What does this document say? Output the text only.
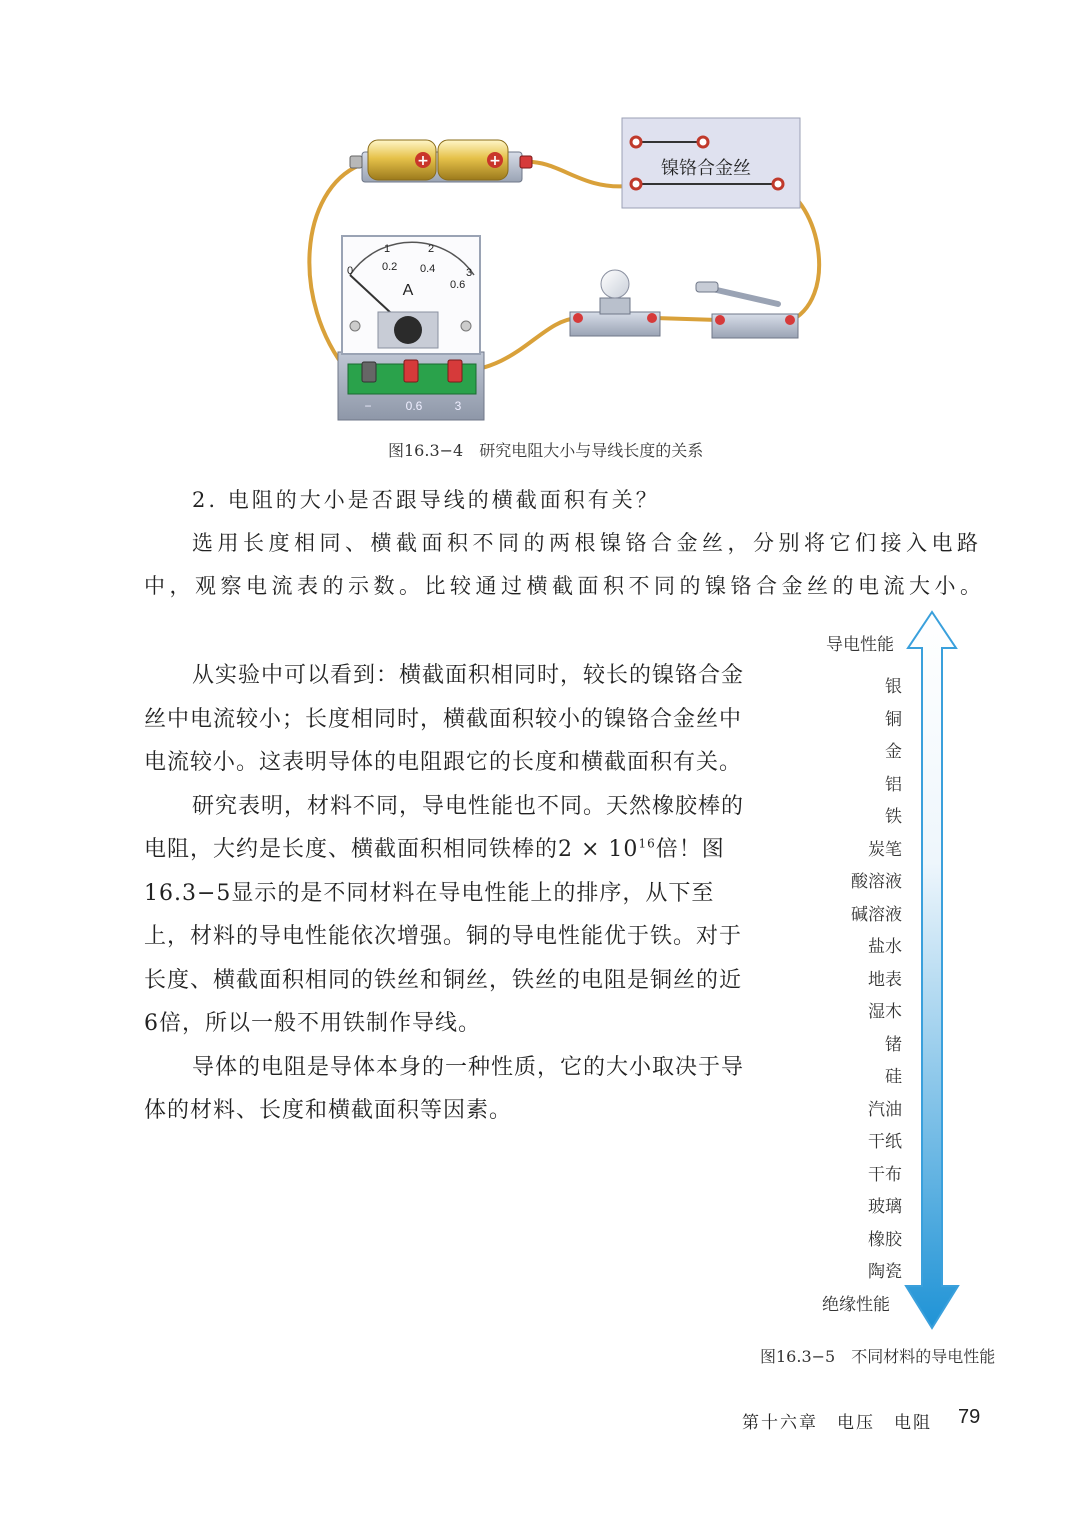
+	+	镍铬合金丝
0
1	2
3
0.2 0.4
0.6
A
−	0.6	3
图16.3−4　研究电阻大小与导线长度的关系
2. 电阻的大小是否跟导线的横截面积有关？

选用长度相同、横截面积不同的两根镍铬合金丝，分别将它们接入电路

中，观察电流表的示数。比较通过横截面积不同的镍铬合金丝的电流大小。

从实验中可以看到：横截面积相同时，较长的镍铬合金丝中电流较小；长度相同时，横截面积较小的镍铬合金丝中电流较小。这表明导体的电阻跟它的长度和横截面积有关。

研究表明，材料不同，导电性能也不同。天然橡胶棒的电阻，大约是长度、横截面积相同铁棒的$2 \times 10^{16}$倍！图16.3−5显示的是不同材料在导电性能上的排序，从下至上，材料的导电性能依次增强。铜的导电性能优于铁。对于长度、横截面积相同的铁丝和铜丝，铁丝的电阻是铜丝的近6倍，所以一般不用铁制作导线。

导体的电阻是导体本身的一种性质，它的大小取决于导体的材料、长度和横截面积等因素。

导电性能
银
铜
金
铝
铁
炭笔
酸溶液
碱溶液
盐水
地表
湿木
锗
硅
汽油
干纸
干布
玻璃
橡胶
陶瓷
绝缘性能
图16.3−5　不同材料的导电性能
第十六章　电压　电阻 79
